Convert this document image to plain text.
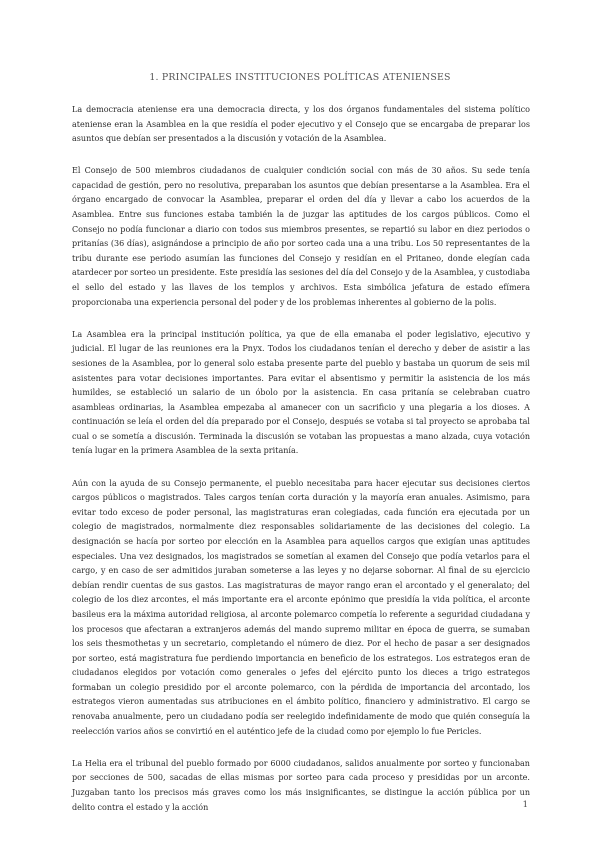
1. PRINCIPALES INSTITUCIONES POLÍTICAS ATENIENSES

La democracia ateniense era una democracia directa, y los dos órganos fundamentales del sistema político ateniense eran la Asamblea en la que residía el poder ejecutivo y el Consejo que se encargaba de preparar los asuntos que debían ser presentados a la discusión y votación de la Asamblea.

El Consejo de 500 miembros ciudadanos de cualquier condición social con más de 30 años. Su sede tenía capacidad de gestión, pero no resolutiva, preparaban los asuntos que debían presentarse a la Asamblea. Era el órgano encargado de convocar la Asamblea, preparar el orden del día y llevar a cabo los acuerdos de la Asamblea. Entre sus funciones estaba también la de juzgar las aptitudes de los cargos públicos. Como el Consejo no podía funcionar a diario con todos sus miembros presentes, se repartió su labor en diez periodos o pritanías (36 días), asignándose a principio de año por sorteo cada una a una tribu. Los 50 representantes de la tribu durante ese periodo asumían las funciones del Consejo y residían en el Pritaneo, donde elegían cada atardecer por sorteo un presidente. Este presidía las sesiones del día del Consejo y de la Asamblea, y custodiaba el sello del estado y las llaves de los templos y archivos. Esta simbólica jefatura de estado efímera proporcionaba una experiencia personal del poder y de los problemas inherentes al gobierno de la polis.

La Asamblea era la principal institución política, ya que de ella emanaba el poder legislativo, ejecutivo y judicial. El lugar de las reuniones era la Pnyx. Todos los ciudadanos tenían el derecho y deber de asistir a las sesiones de la Asamblea, por lo general solo estaba presente parte del pueblo y bastaba un quorum de seis mil asistentes para votar decisiones importantes. Para evitar el absentismo y permitir la asistencia de los más humildes, se estableció un salario de un óbolo por la asistencia. En casa pritanía se celebraban cuatro asambleas ordinarias, la Asamblea empezaba al amanecer con un sacrificio y una plegaria a los dioses. A continuación se leía el orden del día preparado por el Consejo, después se votaba si tal proyecto se aprobaba tal cual o se sometía a discusión. Terminada la discusión se votaban las propuestas a mano alzada, cuya votación tenía lugar en la primera Asamblea de la sexta pritanía.

Aún con la ayuda de su Consejo permanente, el pueblo necesitaba para hacer ejecutar sus decisiones ciertos cargos públicos o magistrados. Tales cargos tenían corta duración y la mayoría eran anuales. Asimismo, para evitar todo exceso de poder personal, las magistraturas eran colegiadas, cada función era ejecutada por un colegio de magistrados, normalmente diez responsables solidariamente de las decisiones del colegio. La designación se hacía por sorteo por elección en la Asamblea para aquellos cargos que exigían unas aptitudes especiales. Una vez designados, los magistrados se sometían al examen del Consejo que podía vetarlos para el cargo, y en caso de ser admitidos juraban someterse a las leyes y no dejarse sobornar. Al final de su ejercicio debían rendir cuentas de sus gastos. Las magistraturas de mayor rango eran el arcontado y el generalato; del colegio de los diez arcontes, el más importante era el arconte epónimo que presidía la vida política, el arconte basileus era la máxima autoridad religiosa, al arconte polemarco competía lo referente a seguridad ciudadana y los procesos que afectaran a extranjeros además del mando supremo militar en época de guerra, se sumaban los seis thesmothetas y un secretario, completando el número de diez. Por el hecho de pasar a ser designados por sorteo, está magistratura fue perdiendo importancia en beneficio de los estrategos. Los estrategos eran de ciudadanos elegidos por votación como generales o jefes del ejército punto los dieces a trigo estrategos formaban un colegio presidido por el arconte polemarco, con la pérdida de importancia del arcontado, los estrategos vieron aumentadas sus atribuciones en el ámbito político, financiero y administrativo. El cargo se renovaba anualmente, pero un ciudadano podía ser reelegido indefinidamente de modo que quién conseguía la reelección varios años se convirtió en el auténtico jefe de la ciudad como por ejemplo lo fue Pericles.

La Helia era el tribunal del pueblo formado por 6000 ciudadanos, salidos anualmente por sorteo y funcionaban por secciones de 500, sacadas de ellas mismas por sorteo para cada proceso y presididas por un arconte. Juzgaban tanto los precisos más graves como los más insignificantes, se distingue la acción pública por un delito contra el estado y la acción	1
